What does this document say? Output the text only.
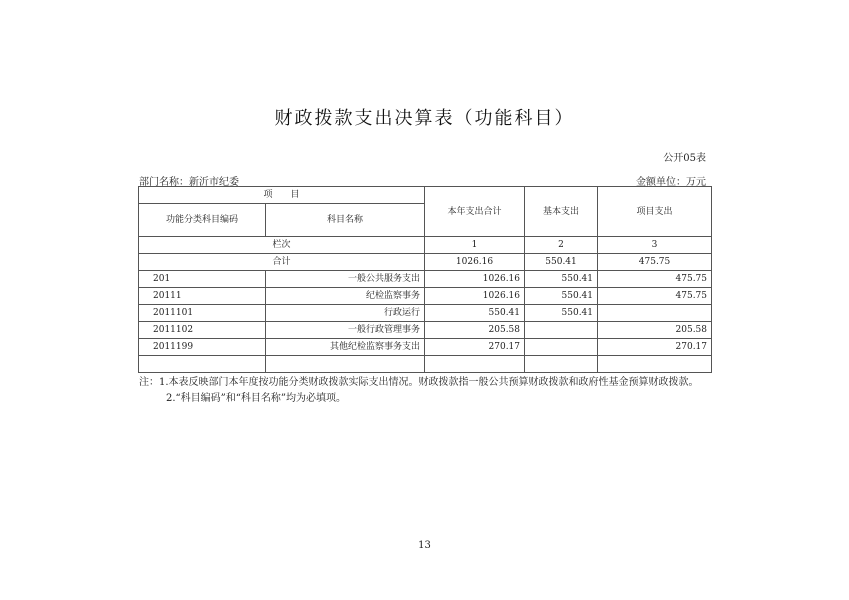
财政拨款支出决算表（功能科目）
公开05表
部门名称：新沂市纪委	金额单位：万元
项　　目		本年支出合计	基本支出	项目支出
功能分类科目编码	科目名称			
栏次		1	2	3
合计		1026.16	550.41	475.75
201	一般公共服务支出	1026.16	550.41	475.75
20111	纪检监察事务	1026.16	550.41	475.75
2011101	行政运行	550.41	550.41	
2011102	一般行政管理事务	205.58		205.58
2011199	其他纪检监察事务支出	270.17		270.17

注：1.本表反映部门本年度按功能分类财政拨款实际支出情况。财政拨款指一般公共预算财政拨款和政府性基金预算财政拨款。
2.“科目编码”和“科目名称”均为必填项。
13
